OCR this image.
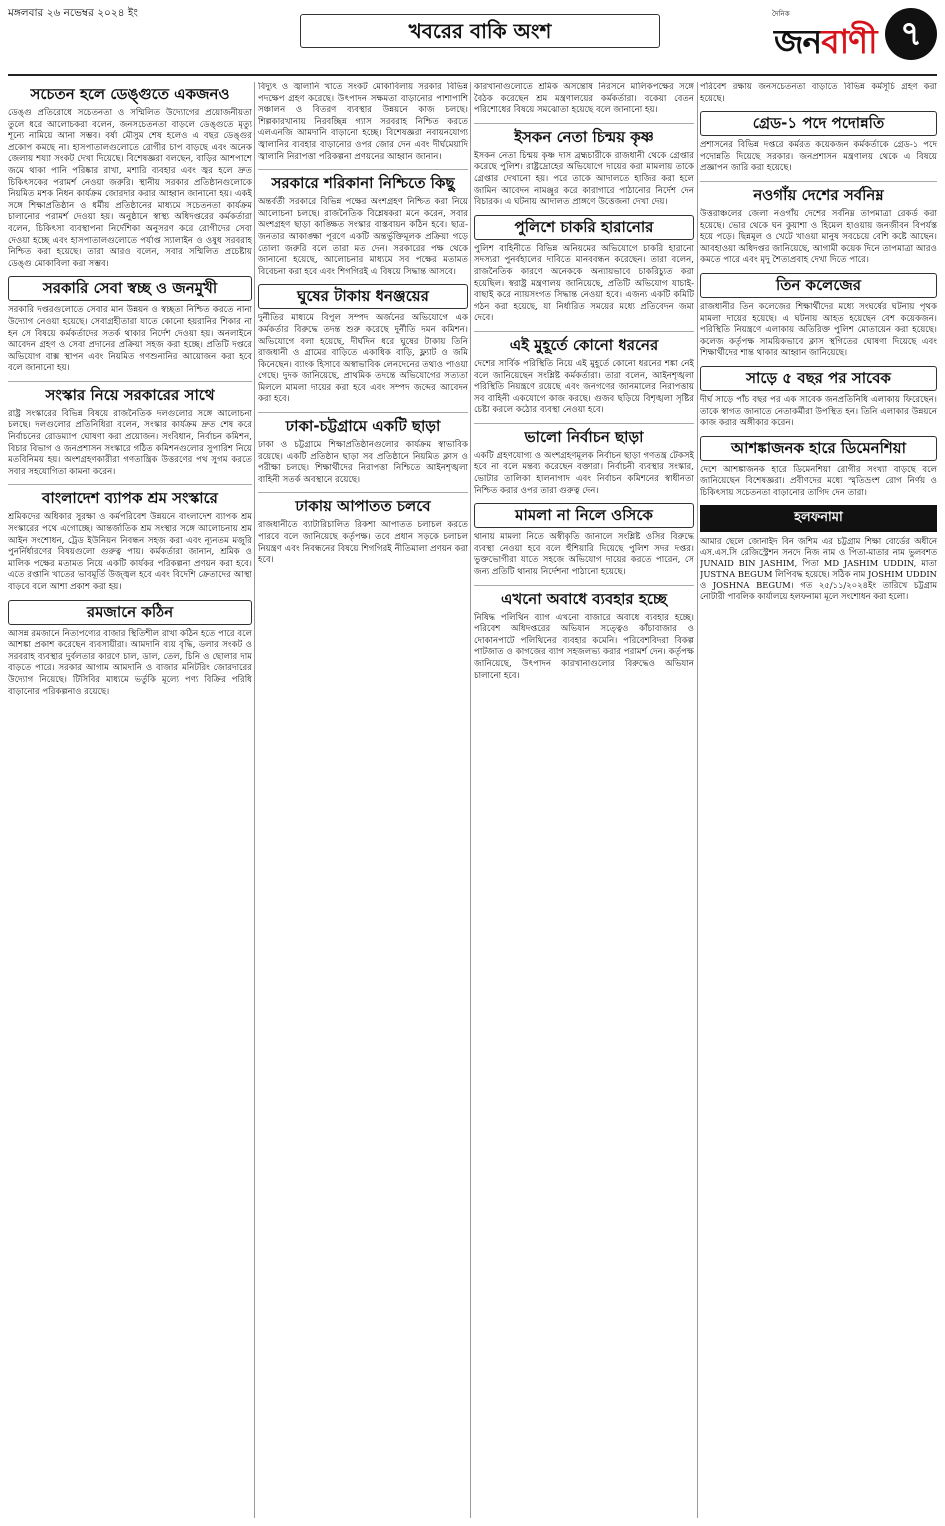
মঙ্গলবার ২৬ নভেম্বর ২০২৪ ইং
খবরের বাকি অংশ
দৈনিক
জনবাণী ৭
সচেতন হলে ডেঙ্গুতে একজনও
ডেঙ্গু প্রতিরোধে সচেতনতা ও সম্মিলিত উদ্যোগের প্রয়োজনীয়তা তুলে ধরে আলোচকরা বলেন, জনসচেতনতা বাড়লে ডেঙ্গুতে মৃত্যু শূন্যে নামিয়ে আনা সম্ভব। বর্ষা মৌসুম শেষ হলেও এ বছর ডেঙ্গুর প্রকোপ কমছে না। হাসপাতালগুলোতে রোগীর চাপ বাড়ছে এবং অনেক জেলায় শয্যা সংকট দেখা দিয়েছে। বিশেষজ্ঞরা বলছেন, বাড়ির আশপাশে জমে থাকা পানি পরিষ্কার রাখা, মশারি ব্যবহার এবং জ্বর হলে দ্রুত চিকিৎসকের পরামর্শ নেওয়া জরুরি। স্থানীয় সরকার প্রতিষ্ঠানগুলোকে নিয়মিত মশক নিধন কার্যক্রম জোরদার করার আহ্বান জানানো হয়। একই সঙ্গে শিক্ষাপ্রতিষ্ঠান ও ধর্মীয় প্রতিষ্ঠানের মাধ্যমে সচেতনতা কার্যক্রম চালানোর পরামর্শ দেওয়া হয়। অনুষ্ঠানে স্বাস্থ্য অধিদপ্তরের কর্মকর্তারা বলেন, চিকিৎসা ব্যবস্থাপনা নির্দেশিকা অনুসরণ করে রোগীদের সেবা দেওয়া হচ্ছে এবং হাসপাতালগুলোতে পর্যাপ্ত স্যালাইন ও ওষুধ সরবরাহ নিশ্চিত করা হয়েছে। তারা আরও বলেন, সবার সম্মিলিত প্রচেষ্টায় ডেঙ্গু মোকাবিলা করা সম্ভব।
সরকারি সেবা স্বচ্ছ ও জনমুখী
সরকারি দপ্তরগুলোতে সেবার মান উন্নয়ন ও স্বচ্ছতা নিশ্চিত করতে নানা উদ্যোগ নেওয়া হয়েছে। সেবাগ্রহীতারা যাতে কোনো হয়রানির শিকার না হন সে বিষয়ে কর্মকর্তাদের সতর্ক থাকার নির্দেশ দেওয়া হয়। অনলাইনে আবেদন গ্রহণ ও সেবা প্রদানের প্রক্রিয়া সহজ করা হচ্ছে। প্রতিটি দপ্তরে অভিযোগ বাক্স স্থাপন এবং নিয়মিত গণশুনানির আয়োজন করা হবে বলে জানানো হয়।
সংস্কার নিয়ে সরকারের সাথে
রাষ্ট্র সংস্কারের বিভিন্ন বিষয়ে রাজনৈতিক দলগুলোর সঙ্গে আলোচনা চলছে। দলগুলোর প্রতিনিধিরা বলেন, সংস্কার কার্যক্রম দ্রুত শেষ করে নির্বাচনের রোডম্যাপ ঘোষণা করা প্রয়োজন। সংবিধান, নির্বাচন কমিশন, বিচার বিভাগ ও জনপ্রশাসন সংস্কারে গঠিত কমিশনগুলোর সুপারিশ নিয়ে মতবিনিময় হয়। অংশগ্রহণকারীরা গণতান্ত্রিক উত্তরণের পথ সুগম করতে সবার সহযোগিতা কামনা করেন।
বাংলাদেশ ব্যাপক শ্রম সংস্কারে
শ্রমিকদের অধিকার সুরক্ষা ও কর্মপরিবেশ উন্নয়নে বাংলাদেশ ব্যাপক শ্রম সংস্কারের পথে এগোচ্ছে। আন্তর্জাতিক শ্রম সংস্থার সঙ্গে আলোচনায় শ্রম আইন সংশোধন, ট্রেড ইউনিয়ন নিবন্ধন সহজ করা এবং ন্যূনতম মজুরি পুনর্নির্ধারণের বিষয়গুলো গুরুত্ব পায়। কর্মকর্তারা জানান, শ্রমিক ও মালিক পক্ষের মতামত নিয়ে একটি কার্যকর পরিকল্পনা প্রণয়ন করা হবে। এতে রপ্তানি খাতের ভাবমূর্তি উজ্জ্বল হবে এবং বিদেশি ক্রেতাদের আস্থা বাড়বে বলে আশা প্রকাশ করা হয়।
রমজানে কঠিন
আসন্ন রমজানে নিত্যপণ্যের বাজার স্থিতিশীল রাখা কঠিন হতে পারে বলে আশঙ্কা প্রকাশ করেছেন ব্যবসায়ীরা। আমদানি ব্যয় বৃদ্ধি, ডলার সংকট ও সরবরাহ ব্যবস্থার দুর্বলতার কারণে চাল, ডাল, তেল, চিনি ও ছোলার দাম বাড়তে পারে। সরকার আগাম আমদানি ও বাজার মনিটরিং জোরদারের উদ্যোগ নিয়েছে। টিসিবির মাধ্যমে ভর্তুকি মূল্যে পণ্য বিক্রির পরিধি বাড়ানোর পরিকল্পনাও রয়েছে।
বিদ্যুৎ ও জ্বালানি খাতে সংকট মোকাবিলায় সরকার বিভিন্ন পদক্ষেপ গ্রহণ করেছে। উৎপাদন সক্ষমতা বাড়ানোর পাশাপাশি সঞ্চালন ও বিতরণ ব্যবস্থার উন্নয়নে কাজ চলছে। শিল্পকারখানায় নিরবচ্ছিন্ন গ্যাস সরবরাহ নিশ্চিত করতে এলএনজি আমদানি বাড়ানো হচ্ছে। বিশেষজ্ঞরা নবায়নযোগ্য জ্বালানির ব্যবহার বাড়ানোর ওপর জোর দেন এবং দীর্ঘমেয়াদি জ্বালানি নিরাপত্তা পরিকল্পনা প্রণয়নের আহ্বান জানান।
সরকারে শরিকানা নিশ্চিতে কিছু
অন্তর্বর্তী সরকারে বিভিন্ন পক্ষের অংশগ্রহণ নিশ্চিত করা নিয়ে আলোচনা চলছে। রাজনৈতিক বিশ্লেষকরা মনে করেন, সবার অংশগ্রহণ ছাড়া কাঙ্ক্ষিত সংস্কার বাস্তবায়ন কঠিন হবে। ছাত্র-জনতার আকাঙ্ক্ষা পূরণে একটি অন্তর্ভুক্তিমূলক প্রক্রিয়া গড়ে তোলা জরুরি বলে তারা মত দেন। সরকারের পক্ষ থেকে জানানো হয়েছে, আলোচনার মাধ্যমে সব পক্ষের মতামত বিবেচনা করা হবে এবং শিগগিরই এ বিষয়ে সিদ্ধান্ত আসবে।
ঘুষের টাকায় ধনঞ্জয়ের
দুর্নীতির মাধ্যমে বিপুল সম্পদ অর্জনের অভিযোগে এক কর্মকর্তার বিরুদ্ধে তদন্ত শুরু করেছে দুর্নীতি দমন কমিশন। অভিযোগে বলা হয়েছে, দীর্ঘদিন ধরে ঘুষের টাকায় তিনি রাজধানী ও গ্রামের বাড়িতে একাধিক বাড়ি, ফ্ল্যাট ও জমি কিনেছেন। ব্যাংক হিসাবে অস্বাভাবিক লেনদেনের তথ্যও পাওয়া গেছে। দুদক জানিয়েছে, প্রাথমিক তদন্তে অভিযোগের সত্যতা মিললে মামলা দায়ের করা হবে এবং সম্পদ জব্দের আবেদন করা হবে।
ঢাকা-চট্টগ্রামে একটি ছাড়া
ঢাকা ও চট্টগ্রামে শিক্ষাপ্রতিষ্ঠানগুলোর কার্যক্রম স্বাভাবিক রয়েছে। একটি প্রতিষ্ঠান ছাড়া সব প্রতিষ্ঠানে নিয়মিত ক্লাস ও পরীক্ষা চলছে। শিক্ষার্থীদের নিরাপত্তা নিশ্চিতে আইনশৃঙ্খলা বাহিনী সতর্ক অবস্থানে রয়েছে।
ঢাকায় আপাতত চলবে
রাজধানীতে ব্যাটারিচালিত রিকশা আপাতত চলাচল করতে পারবে বলে জানিয়েছে কর্তৃপক্ষ। তবে প্রধান সড়কে চলাচল নিয়ন্ত্রণ এবং নিবন্ধনের বিষয়ে শিগগিরই নীতিমালা প্রণয়ন করা হবে।
কারখানাগুলোতে শ্রমিক অসন্তোষ নিরসনে মালিকপক্ষের সঙ্গে বৈঠক করেছেন শ্রম মন্ত্রণালয়ের কর্মকর্তারা। বকেয়া বেতন পরিশোধের বিষয়ে সমঝোতা হয়েছে বলে জানানো হয়।
ইসকন নেতা চিন্ময় কৃষ্ণ
ইসকন নেতা চিন্ময় কৃষ্ণ দাস ব্রহ্মচারীকে রাজধানী থেকে গ্রেপ্তার করেছে পুলিশ। রাষ্ট্রদ্রোহের অভিযোগে দায়ের করা মামলায় তাকে গ্রেপ্তার দেখানো হয়। পরে তাকে আদালতে হাজির করা হলে জামিন আবেদন নামঞ্জুর করে কারাগারে পাঠানোর নির্দেশ দেন বিচারক। এ ঘটনায় আদালত প্রাঙ্গণে উত্তেজনা দেখা দেয়।
পুলিশে চাকরি হারানোর
পুলিশ বাহিনীতে বিভিন্ন অনিয়মের অভিযোগে চাকরি হারানো সদস্যরা পুনর্বহালের দাবিতে মানববন্ধন করেছেন। তারা বলেন, রাজনৈতিক কারণে অনেককে অন্যায়ভাবে চাকরিচ্যুত করা হয়েছিল। স্বরাষ্ট্র মন্ত্রণালয় জানিয়েছে, প্রতিটি অভিযোগ যাচাই-বাছাই করে ন্যায়সংগত সিদ্ধান্ত নেওয়া হবে। এজন্য একটি কমিটি গঠন করা হয়েছে, যা নির্ধারিত সময়ের মধ্যে প্রতিবেদন জমা দেবে।
এই মুহূর্তে কোনো ধরনের
দেশের সার্বিক পরিস্থিতি নিয়ে এই মুহূর্তে কোনো ধরনের শঙ্কা নেই বলে জানিয়েছেন সংশ্লিষ্ট কর্মকর্তারা। তারা বলেন, আইনশৃঙ্খলা পরিস্থিতি নিয়ন্ত্রণে রয়েছে এবং জনগণের জানমালের নিরাপত্তায় সব বাহিনী একযোগে কাজ করছে। গুজব ছড়িয়ে বিশৃঙ্খলা সৃষ্টির চেষ্টা করলে কঠোর ব্যবস্থা নেওয়া হবে।
ভালো নির্বাচন ছাড়া
একটি গ্রহণযোগ্য ও অংশগ্রহণমূলক নির্বাচন ছাড়া গণতন্ত্র টেকসই হবে না বলে মন্তব্য করেছেন বক্তারা। নির্বাচনী ব্যবস্থার সংস্কার, ভোটার তালিকা হালনাগাদ এবং নির্বাচন কমিশনের স্বাধীনতা নিশ্চিত করার ওপর তারা গুরুত্ব দেন।
মামলা না নিলে ওসিকে
থানায় মামলা নিতে অস্বীকৃতি জানালে সংশ্লিষ্ট ওসির বিরুদ্ধে ব্যবস্থা নেওয়া হবে বলে হুঁশিয়ারি দিয়েছে পুলিশ সদর দপ্তর। ভুক্তভোগীরা যাতে সহজে অভিযোগ দায়ের করতে পারেন, সে জন্য প্রতিটি থানায় নির্দেশনা পাঠানো হয়েছে।
এখনো অবাধে ব্যবহার হচ্ছে
নিষিদ্ধ পলিথিন ব্যাগ এখনো বাজারে অবাধে ব্যবহার হচ্ছে। পরিবেশ অধিদপ্তরের অভিযান সত্ত্বেও কাঁচাবাজার ও দোকানপাটে পলিথিনের ব্যবহার কমেনি। পরিবেশবিদরা বিকল্প পাটজাত ও কাগজের ব্যাগ সহজলভ্য করার পরামর্শ দেন। কর্তৃপক্ষ জানিয়েছে, উৎপাদন কারখানাগুলোর বিরুদ্ধেও অভিযান চালানো হবে।
পরিবেশ রক্ষায় জনসচেতনতা বাড়াতে বিভিন্ন কর্মসূচি গ্রহণ করা হয়েছে।
গ্রেড-১ পদে পদোন্নতি
প্রশাসনের বিভিন্ন দপ্তরে কর্মরত কয়েকজন কর্মকর্তাকে গ্রেড-১ পদে পদোন্নতি দিয়েছে সরকার। জনপ্রশাসন মন্ত্রণালয় থেকে এ বিষয়ে প্রজ্ঞাপন জারি করা হয়েছে।
নওগাঁয় দেশের সর্বনিম্ন
উত্তরাঞ্চলের জেলা নওগাঁয় দেশের সর্বনিম্ন তাপমাত্রা রেকর্ড করা হয়েছে। ভোর থেকে ঘন কুয়াশা ও হিমেল হাওয়ায় জনজীবন বিপর্যস্ত হয়ে পড়ে। ছিন্নমূল ও খেটে খাওয়া মানুষ সবচেয়ে বেশি কষ্টে আছেন। আবহাওয়া অধিদপ্তর জানিয়েছে, আগামী কয়েক দিনে তাপমাত্রা আরও কমতে পারে এবং মৃদু শৈত্যপ্রবাহ দেখা দিতে পারে।
তিন কলেজের
রাজধানীর তিন কলেজের শিক্ষার্থীদের মধ্যে সংঘর্ষের ঘটনায় পৃথক মামলা দায়ের হয়েছে। এ ঘটনায় আহত হয়েছেন বেশ কয়েকজন। পরিস্থিতি নিয়ন্ত্রণে এলাকায় অতিরিক্ত পুলিশ মোতায়েন করা হয়েছে। কলেজ কর্তৃপক্ষ সাময়িকভাবে ক্লাস স্থগিতের ঘোষণা দিয়েছে এবং শিক্ষার্থীদের শান্ত থাকার আহ্বান জানিয়েছে।
সাড়ে ৫ বছর পর সাবেক
দীর্ঘ সাড়ে পাঁচ বছর পর এক সাবেক জনপ্রতিনিধি এলাকায় ফিরেছেন। তাকে স্বাগত জানাতে নেতাকর্মীরা উপস্থিত হন। তিনি এলাকার উন্নয়নে কাজ করার অঙ্গীকার করেন।
আশঙ্কাজনক হারে ডিমেনশিয়া
দেশে আশঙ্কাজনক হারে ডিমেনশিয়া রোগীর সংখ্যা বাড়ছে বলে জানিয়েছেন বিশেষজ্ঞরা। প্রবীণদের মধ্যে স্মৃতিভ্রংশ রোগ নির্ণয় ও চিকিৎসায় সচেতনতা বাড়ানোর তাগিদ দেন তারা।
হলফনামা
আমার ছেলে জোনাইদ বিন জশিম এর চট্টগ্রাম শিক্ষা বোর্ডের অধীনে এস.এস.সি রেজিস্ট্রেশন সনদে নিজ নাম ও পিতা-মাতার নাম ভুলবশত JUNAID BIN JASHIM, পিতা MD JASHIM UDDIN, মাতা JUSTNA BEGUM লিপিবদ্ধ হয়েছে। সঠিক নাম JOSHIM UDDIN ও JOSHNA BEGUM। গত ২৫/১১/২০২৪ইং তারিখে চট্টগ্রাম নোটারী পাবলিক কার্যালয়ে হলফনামা মূলে সংশোধন করা হলো।
